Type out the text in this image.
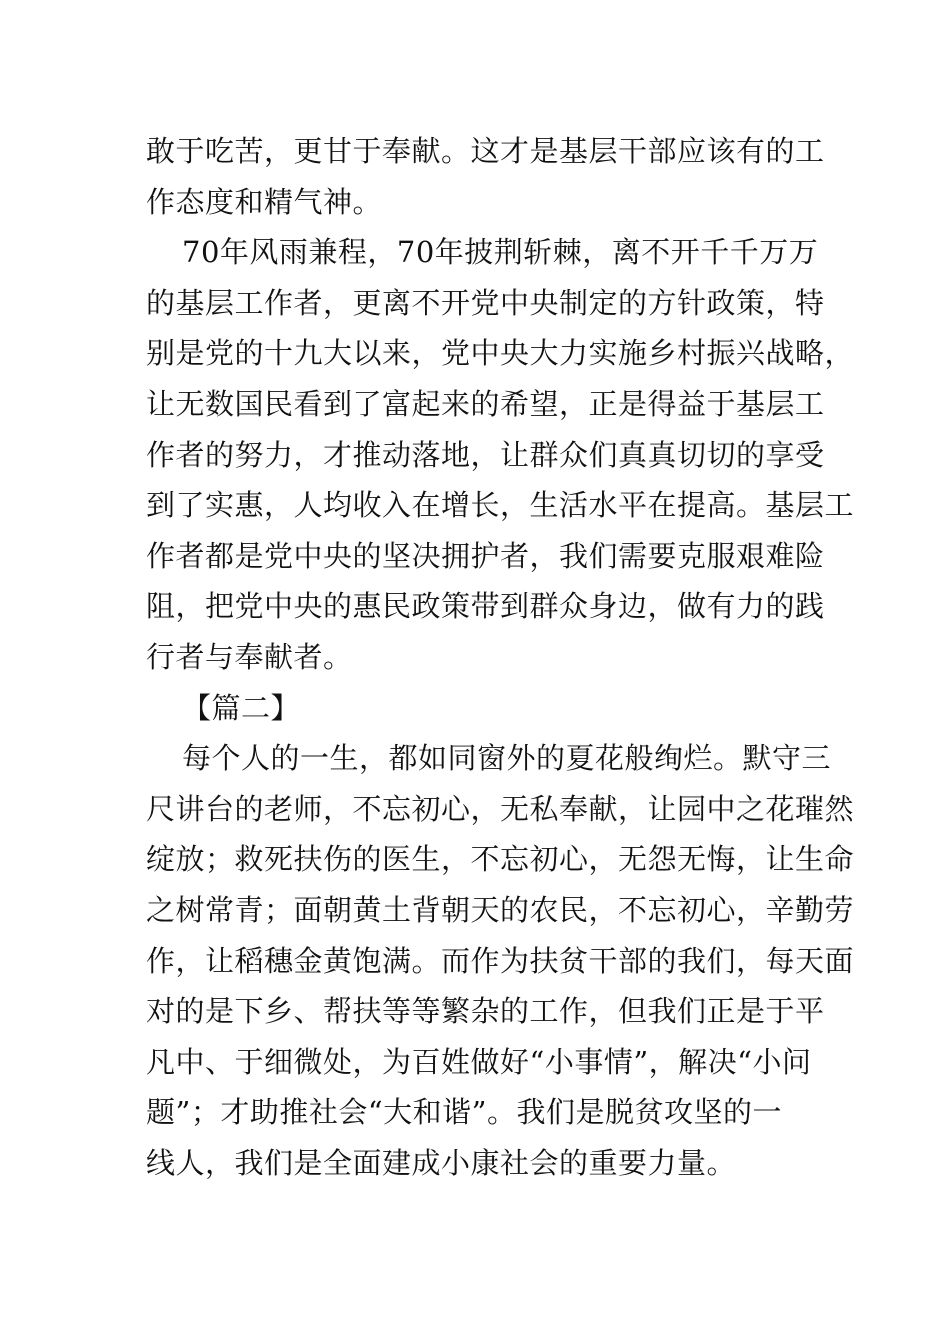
敢于吃苦，更甘于奉献。这才是基层干部应该有的工
作态度和精气神。
70年风雨兼程，70年披荆斩棘，离不开千千万万
的基层工作者，更离不开党中央制定的方针政策，特
别是党的十九大以来，党中央大力实施乡村振兴战略，
让无数国民看到了富起来的希望，正是得益于基层工
作者的努力，才推动落地，让群众们真真切切的享受
到了实惠，人均收入在增长，生活水平在提高。基层工
作者都是党中央的坚决拥护者，我们需要克服艰难险
阻，把党中央的惠民政策带到群众身边，做有力的践
行者与奉献者。
【篇二】
每个人的一生，都如同窗外的夏花般绚烂。默守三
尺讲台的老师，不忘初心，无私奉献，让园中之花璀然
绽放；救死扶伤的医生，不忘初心，无怨无悔，让生命
之树常青；面朝黄土背朝天的农民，不忘初心，辛勤劳
作，让稻穗金黄饱满。而作为扶贫干部的我们，每天面
对的是下乡、帮扶等等繁杂的工作，但我们正是于平
凡中、于细微处，为百姓做好“小事情”，解决“小问
题”；才助推社会“大和谐”。我们是脱贫攻坚的一
线人，我们是全面建成小康社会的重要力量。
